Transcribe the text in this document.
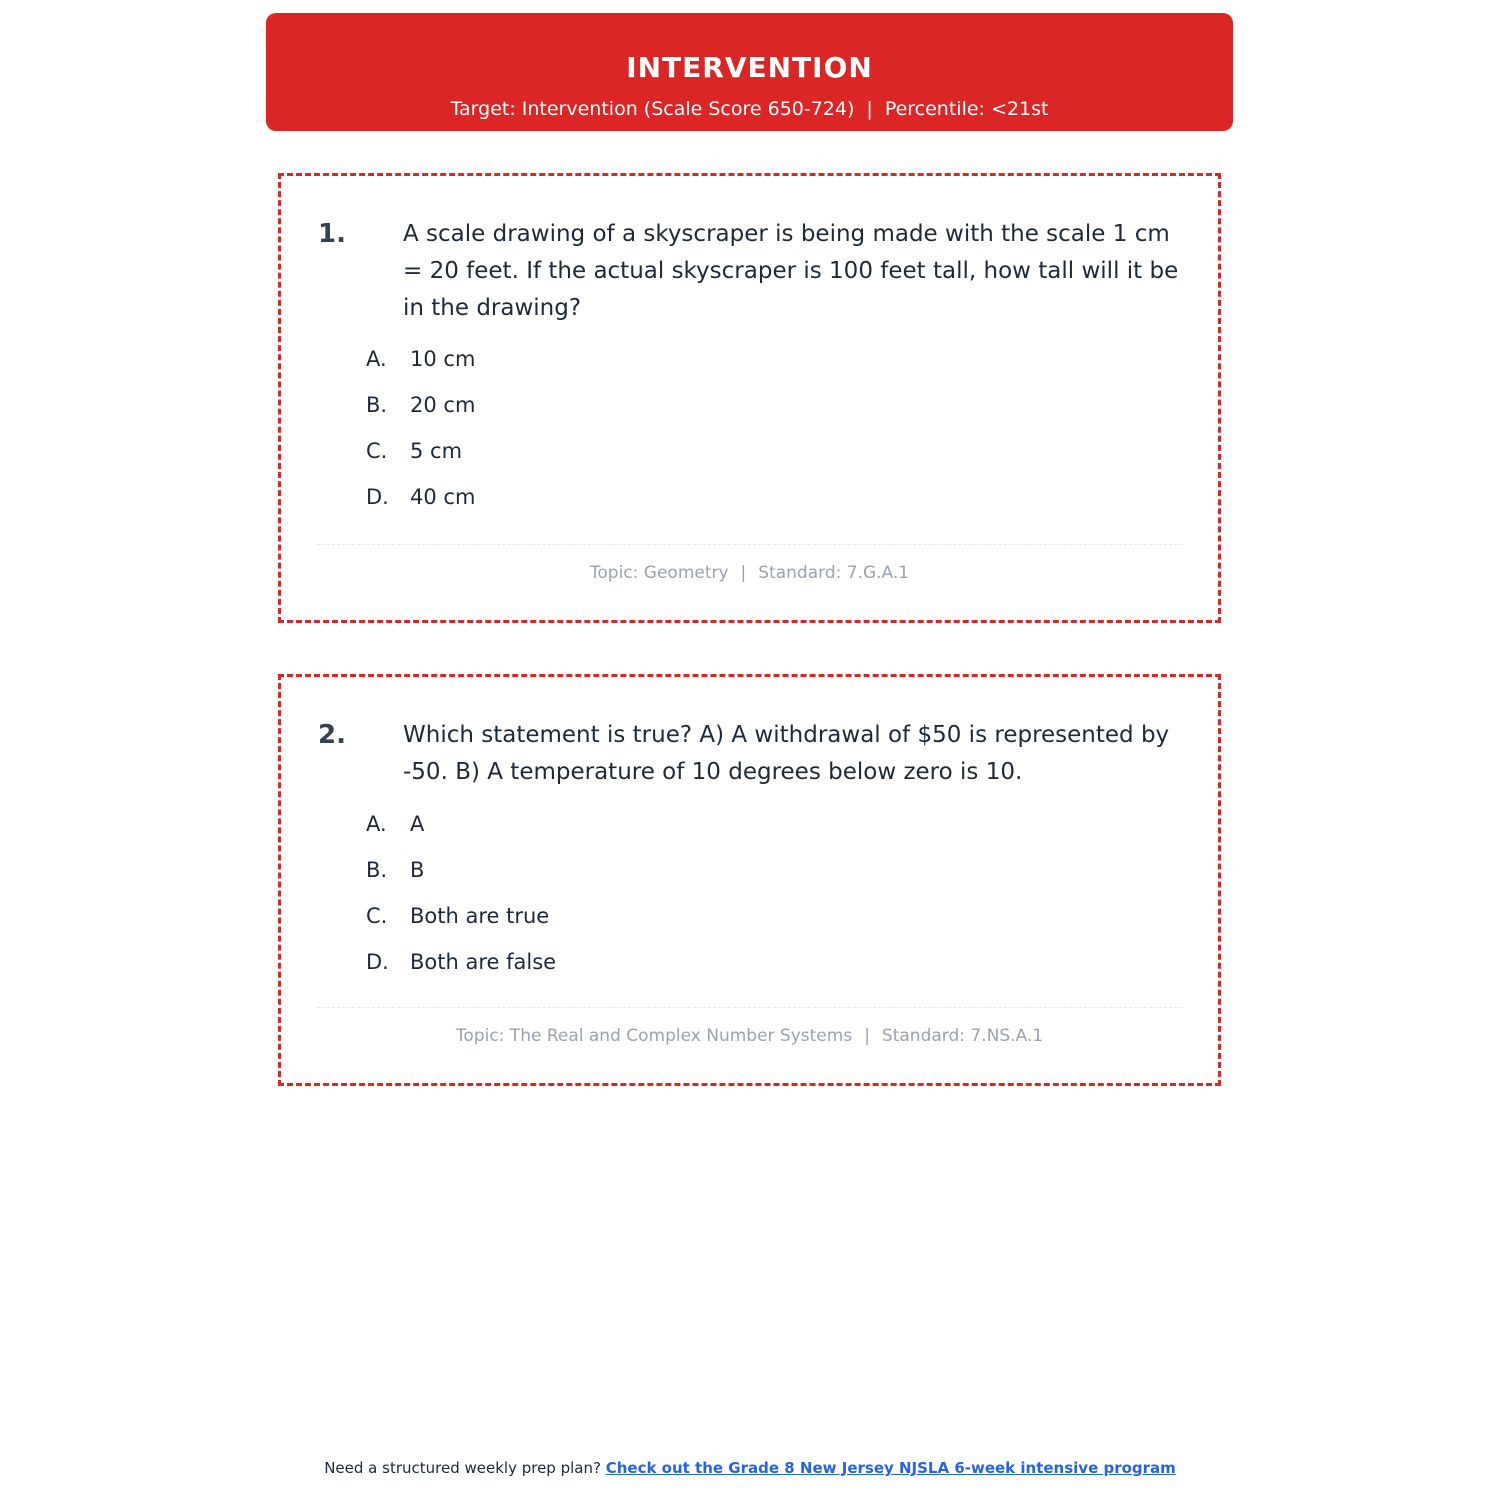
INTERVENTION
Target: Intervention (Scale Score 650-724) | Percentile: <21st
1. A scale drawing of a skyscraper is being made with the scale 1 cm = 20 feet. If the actual skyscraper is 100 feet tall, how tall will it be in the drawing?
A.	10 cm
B.	20 cm
C.	5 cm
D.	40 cm
Topic: Geometry | Standard: 7.G.A.1
2. Which statement is true? A) A withdrawal of $50 is represented by -50. B) A temperature of 10 degrees below zero is 10.
A.	A
B.	B
C.	Both are true
D.	Both are false
Topic: The Real and Complex Number Systems | Standard: 7.NS.A.1
Need a structured weekly prep plan? Check out the Grade 8 New Jersey NJSLA 6-week intensive program
